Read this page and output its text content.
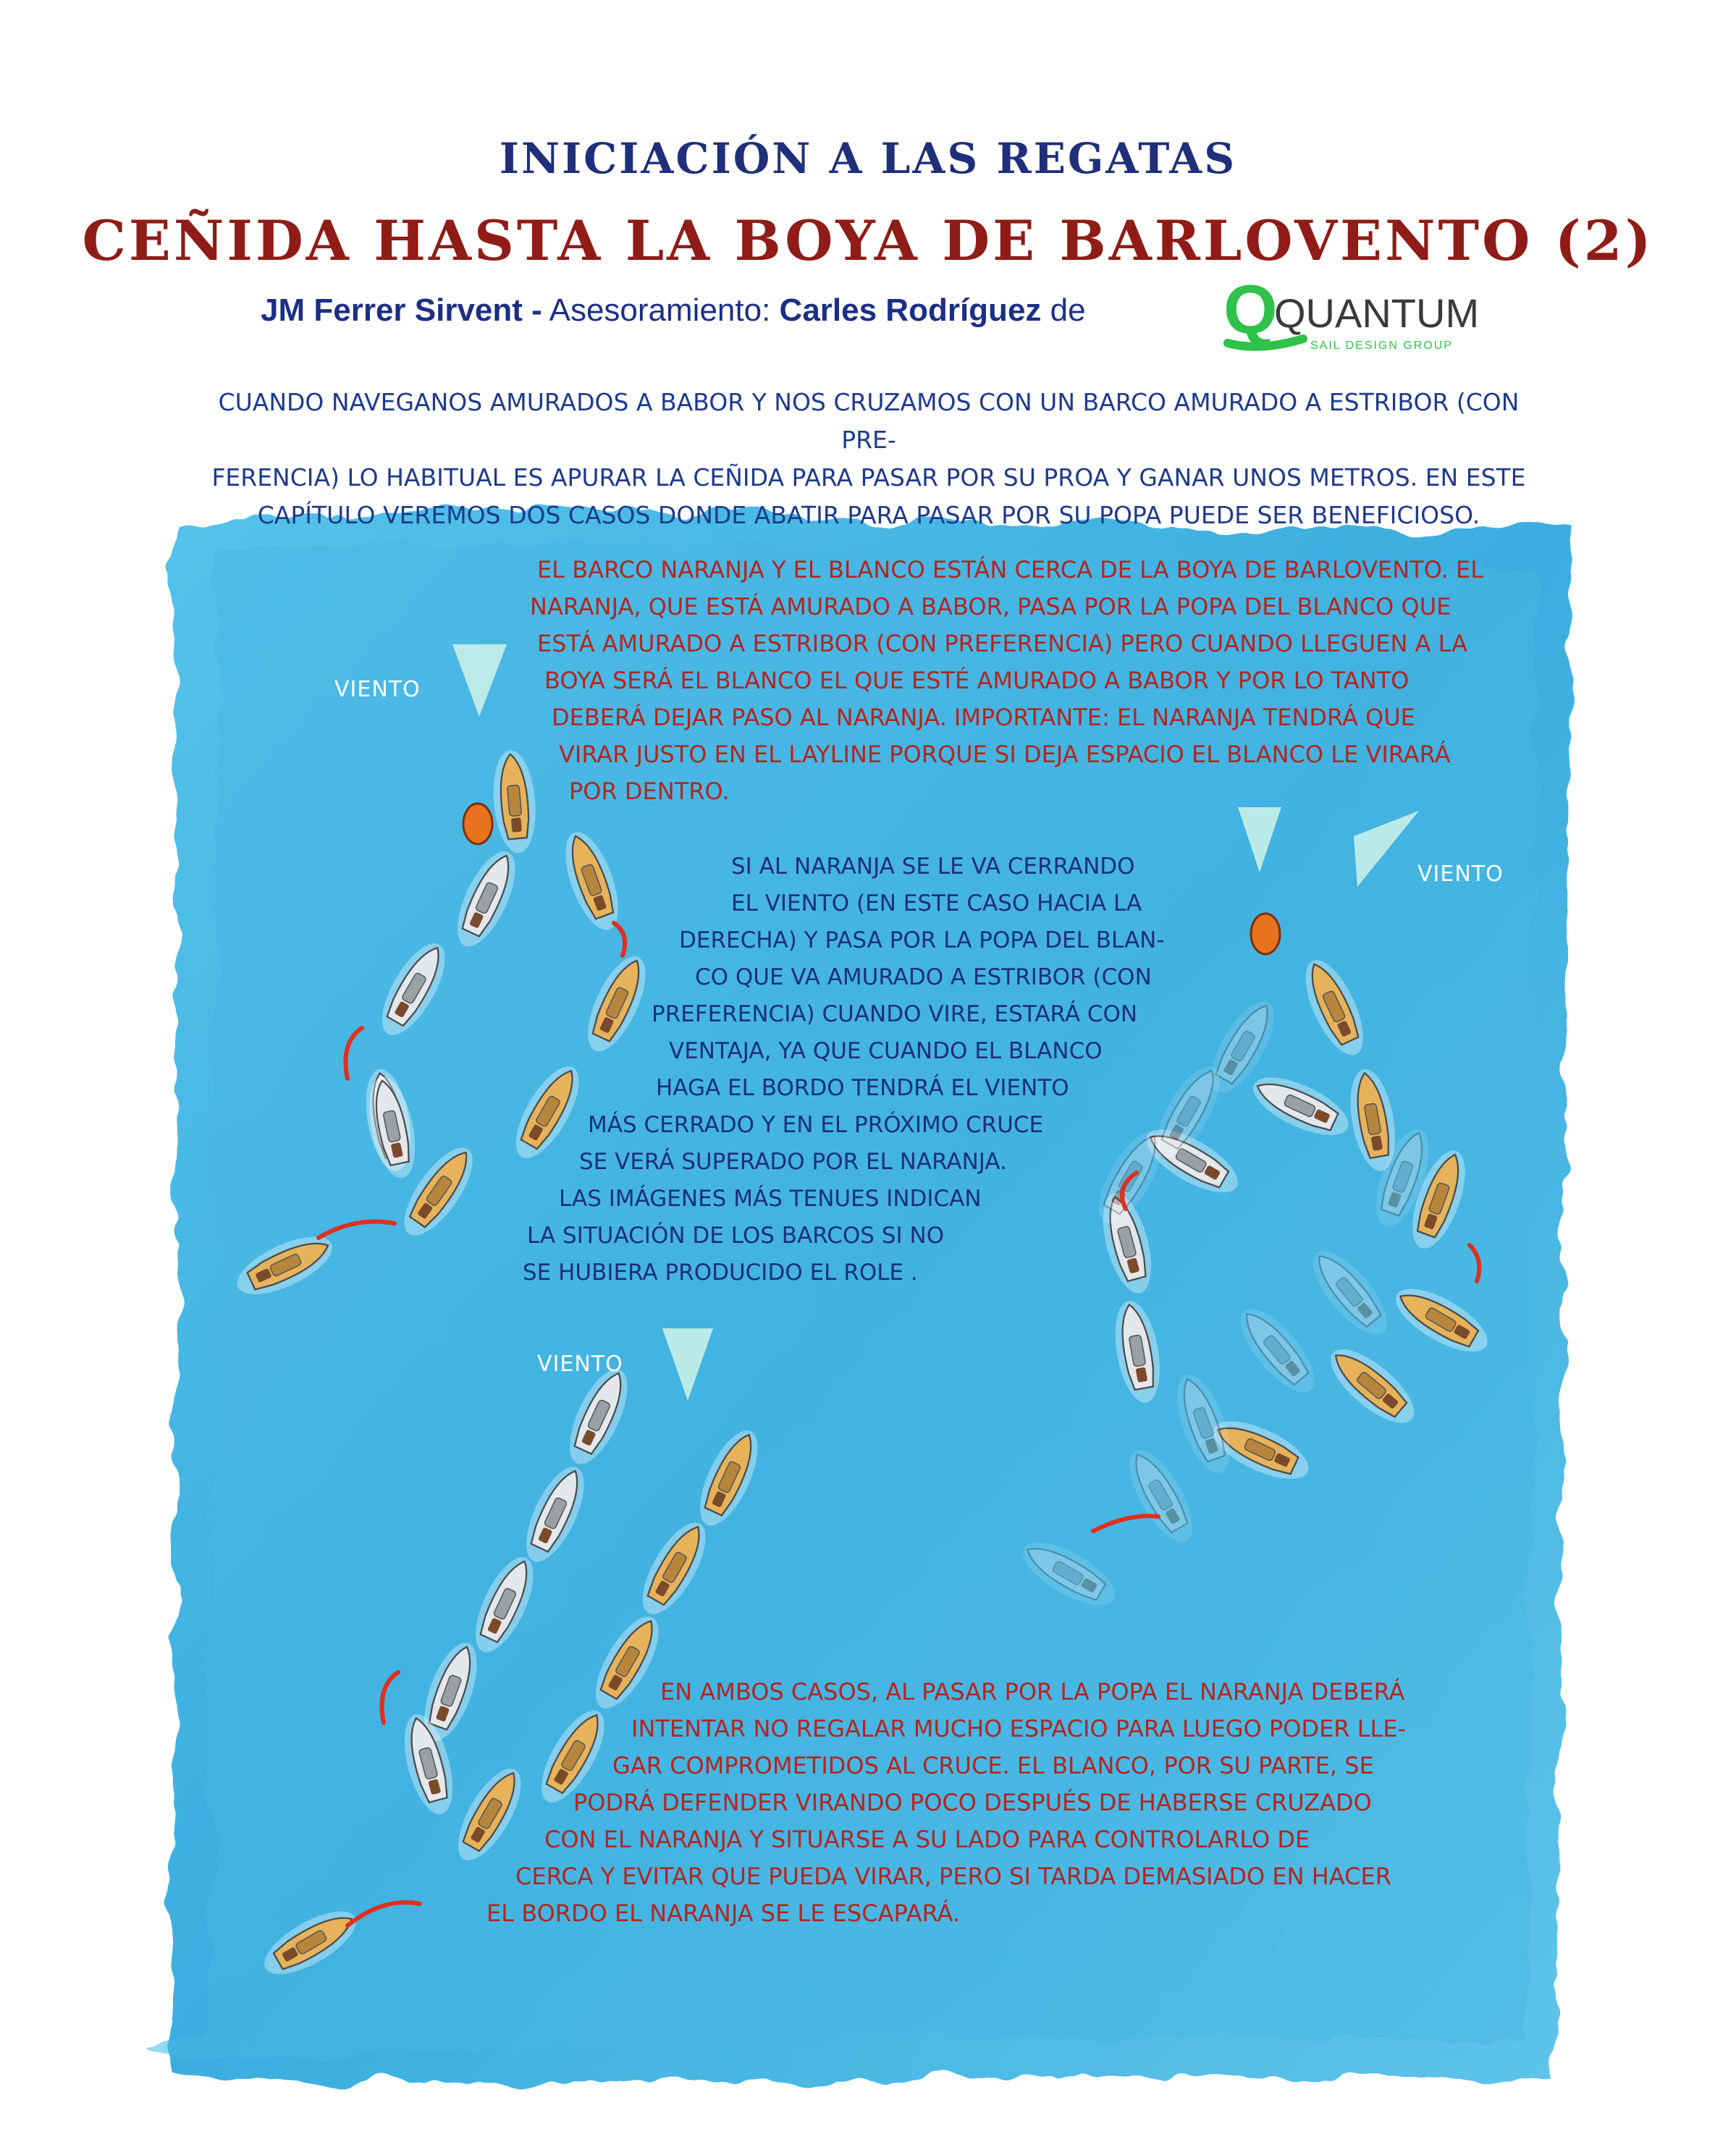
INICIACIÓN A LAS REGATAS
CEÑIDA HASTA LA BOYA DE BARLOVENTO (2)
JM Ferrer Sirvent - Asesoramiento: Carles Rodríguez de Q
QUANTUM
SAIL DESIGN GROUP
CUANDO NAVEGANOS AMURADOS A BABOR Y NOS CRUZAMOS CON UN BARCO AMURADO A ESTRIBOR (CON PRE-
FERENCIA) LO HABITUAL ES APURAR LA CEÑIDA PARA PASAR POR SU PROA Y GANAR UNOS METROS. EN ESTE
CAPÍTULO VEREMOS DOS CASOS DONDE ABATIR PARA PASAR POR SU POPA PUEDE SER BENEFICIOSO.
VIENTO
VIENTO
VIENTO
EL BARCO NARANJA Y EL BLANCO ESTÁN CERCA DE LA BOYA DE BARLOVENTO. EL
NARANJA, QUE ESTÁ AMURADO A BABOR, PASA POR LA POPA DEL BLANCO QUE
ESTÁ AMURADO A ESTRIBOR (CON PREFERENCIA) PERO CUANDO LLEGUEN A LA
BOYA SERÁ EL BLANCO EL QUE ESTÉ AMURADO A BABOR Y POR LO TANTO
DEBERÁ DEJAR PASO AL NARANJA. IMPORTANTE: EL NARANJA TENDRÁ QUE
VIRAR JUSTO EN EL LAYLINE PORQUE SI DEJA ESPACIO EL BLANCO LE VIRARÁ
POR DENTRO.
SI AL NARANJA SE LE VA CERRANDO
EL VIENTO (EN ESTE CASO HACIA LA
DERECHA) Y PASA POR LA POPA DEL BLAN-
CO QUE VA AMURADO A ESTRIBOR (CON
PREFERENCIA) CUANDO VIRE, ESTARÁ CON
VENTAJA, YA QUE CUANDO EL BLANCO
HAGA EL BORDO TENDRÁ EL VIENTO
MÁS CERRADO Y EN EL PRÓXIMO CRUCE
SE VERÁ SUPERADO POR EL NARANJA.
LAS IMÁGENES MÁS TENUES INDICAN
LA SITUACIÓN DE LOS BARCOS SI NO
SE HUBIERA PRODUCIDO EL ROLE .
EN AMBOS CASOS, AL PASAR POR LA POPA EL NARANJA DEBERÁ
INTENTAR NO REGALAR MUCHO ESPACIO PARA LUEGO PODER LLE-
GAR COMPROMETIDOS AL CRUCE. EL BLANCO, POR SU PARTE, SE
PODRÁ DEFENDER VIRANDO POCO DESPUÉS DE HABERSE CRUZADO
CON EL NARANJA Y SITUARSE A SU LADO PARA CONTROLARLO DE
CERCA Y EVITAR QUE PUEDA VIRAR, PERO SI TARDA DEMASIADO EN HACER
EL BORDO EL NARANJA SE LE ESCAPARÁ.
